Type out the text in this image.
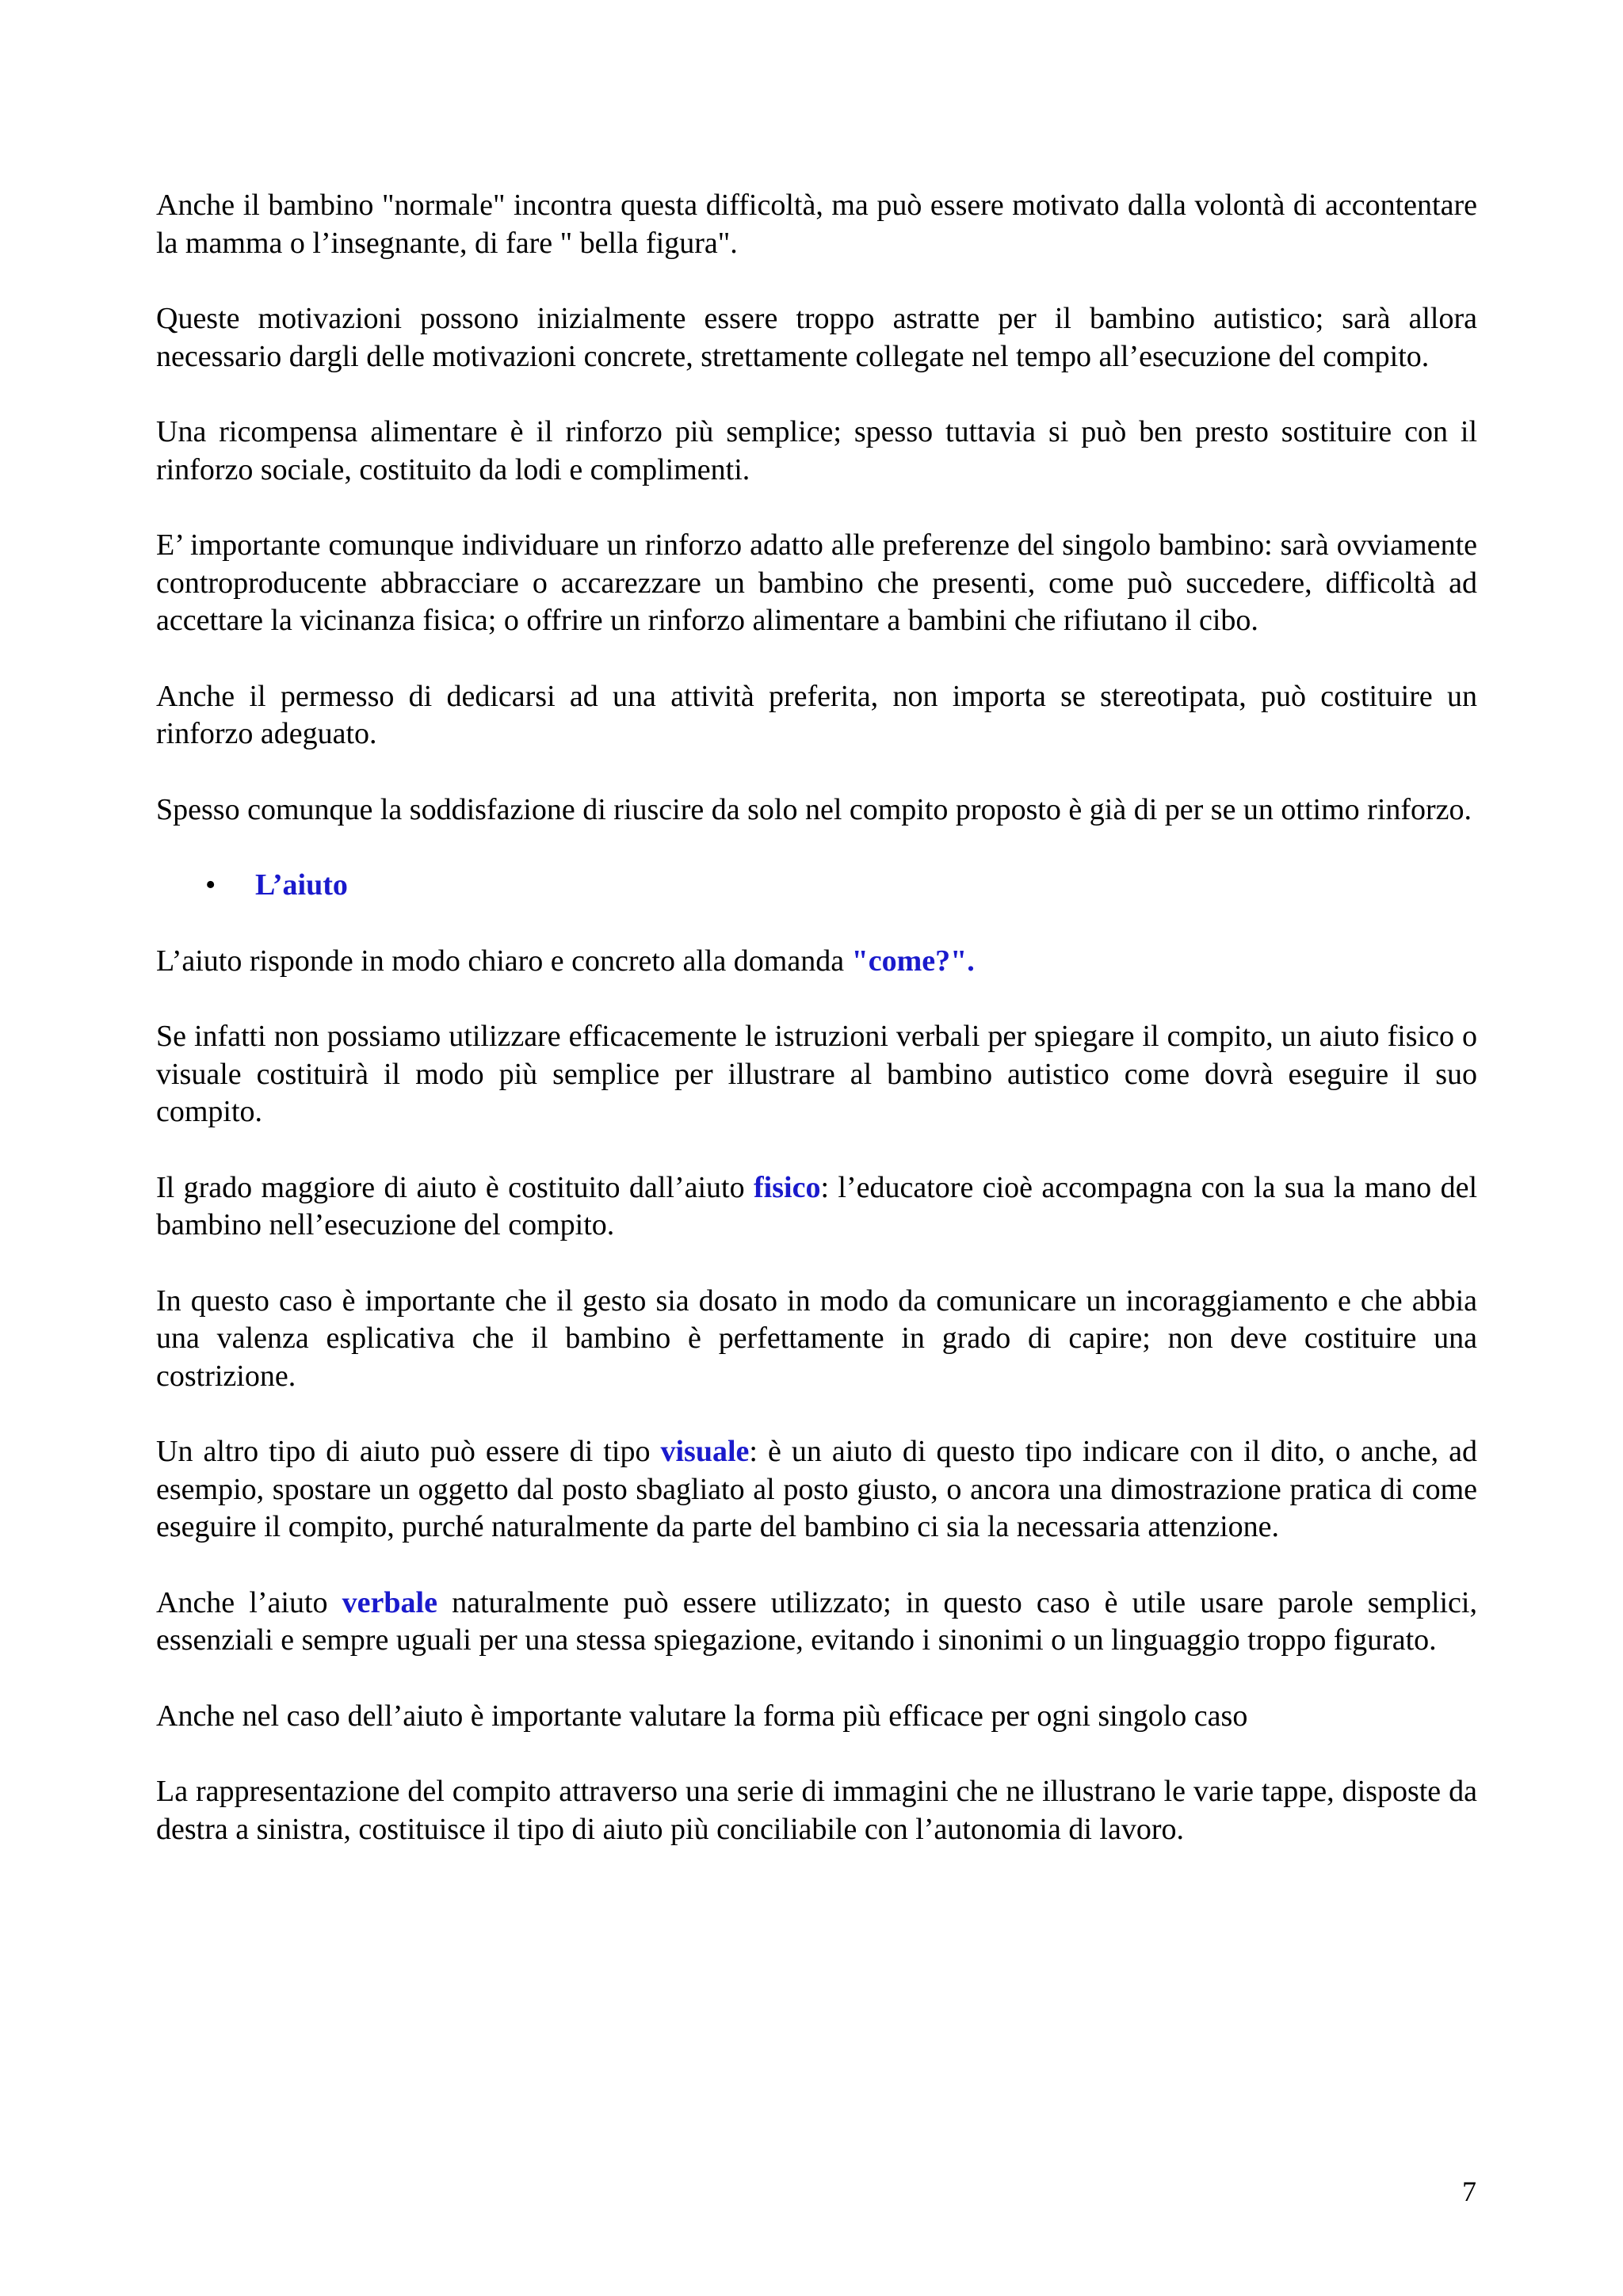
Anche il bambino "normale" incontra questa difficoltà, ma può essere motivato dalla volontà di accontentare la mamma o l’insegnante, di fare " bella figura".

Queste motivazioni possono inizialmente essere troppo astratte per il bambino autistico; sarà allora necessario dargli delle motivazioni concrete, strettamente collegate nel tempo all’esecuzione del compito.

Una ricompensa alimentare è il rinforzo più semplice; spesso tuttavia si può ben presto sostituire con il rinforzo sociale, costituito da lodi e complimenti.

E’ importante comunque individuare un rinforzo adatto alle preferenze del singolo bambino: sarà ovviamente controproducente abbracciare o accarezzare un bambino che presenti, come può succedere, difficoltà ad accettare la vicinanza fisica; o offrire un rinforzo alimentare a bambini che rifiutano il cibo.

Anche il permesso di dedicarsi ad una attività preferita, non importa se stereotipata, può costituire un rinforzo adeguato.

Spesso comunque la soddisfazione di riuscire da solo nel compito proposto è già di per se un ottimo rinforzo.

• L’aiuto

L’aiuto risponde in modo chiaro e concreto alla domanda "come?".

Se infatti non possiamo utilizzare efficacemente le istruzioni verbali per spiegare il compito, un aiuto fisico o visuale costituirà il modo più semplice per illustrare al bambino autistico come dovrà eseguire il suo compito.

Il grado maggiore di aiuto è costituito dall’aiuto fisico: l’educatore cioè accompagna con la sua la mano del bambino nell’esecuzione del compito.

In questo caso è importante che il gesto sia dosato in modo da comunicare un incoraggiamento e che abbia una valenza esplicativa che il bambino è perfettamente in grado di capire; non deve costituire una costrizione.

Un altro tipo di aiuto può essere di tipo visuale: è un aiuto di questo tipo indicare con il dito, o anche, ad esempio, spostare un oggetto dal posto sbagliato al posto giusto, o ancora una dimostrazione pratica di come eseguire il compito, purché naturalmente da parte del bambino ci sia la necessaria attenzione.

Anche l’aiuto verbale naturalmente può essere utilizzato; in questo caso è utile usare parole semplici, essenziali e sempre uguali per una stessa spiegazione, evitando i sinonimi o un linguaggio troppo figurato.

Anche nel caso dell’aiuto è importante valutare la forma più efficace per ogni singolo caso

La rappresentazione del compito attraverso una serie di immagini che ne illustrano le varie tappe, disposte da destra a sinistra, costituisce il tipo di aiuto più conciliabile con l’autonomia di lavoro.

7
